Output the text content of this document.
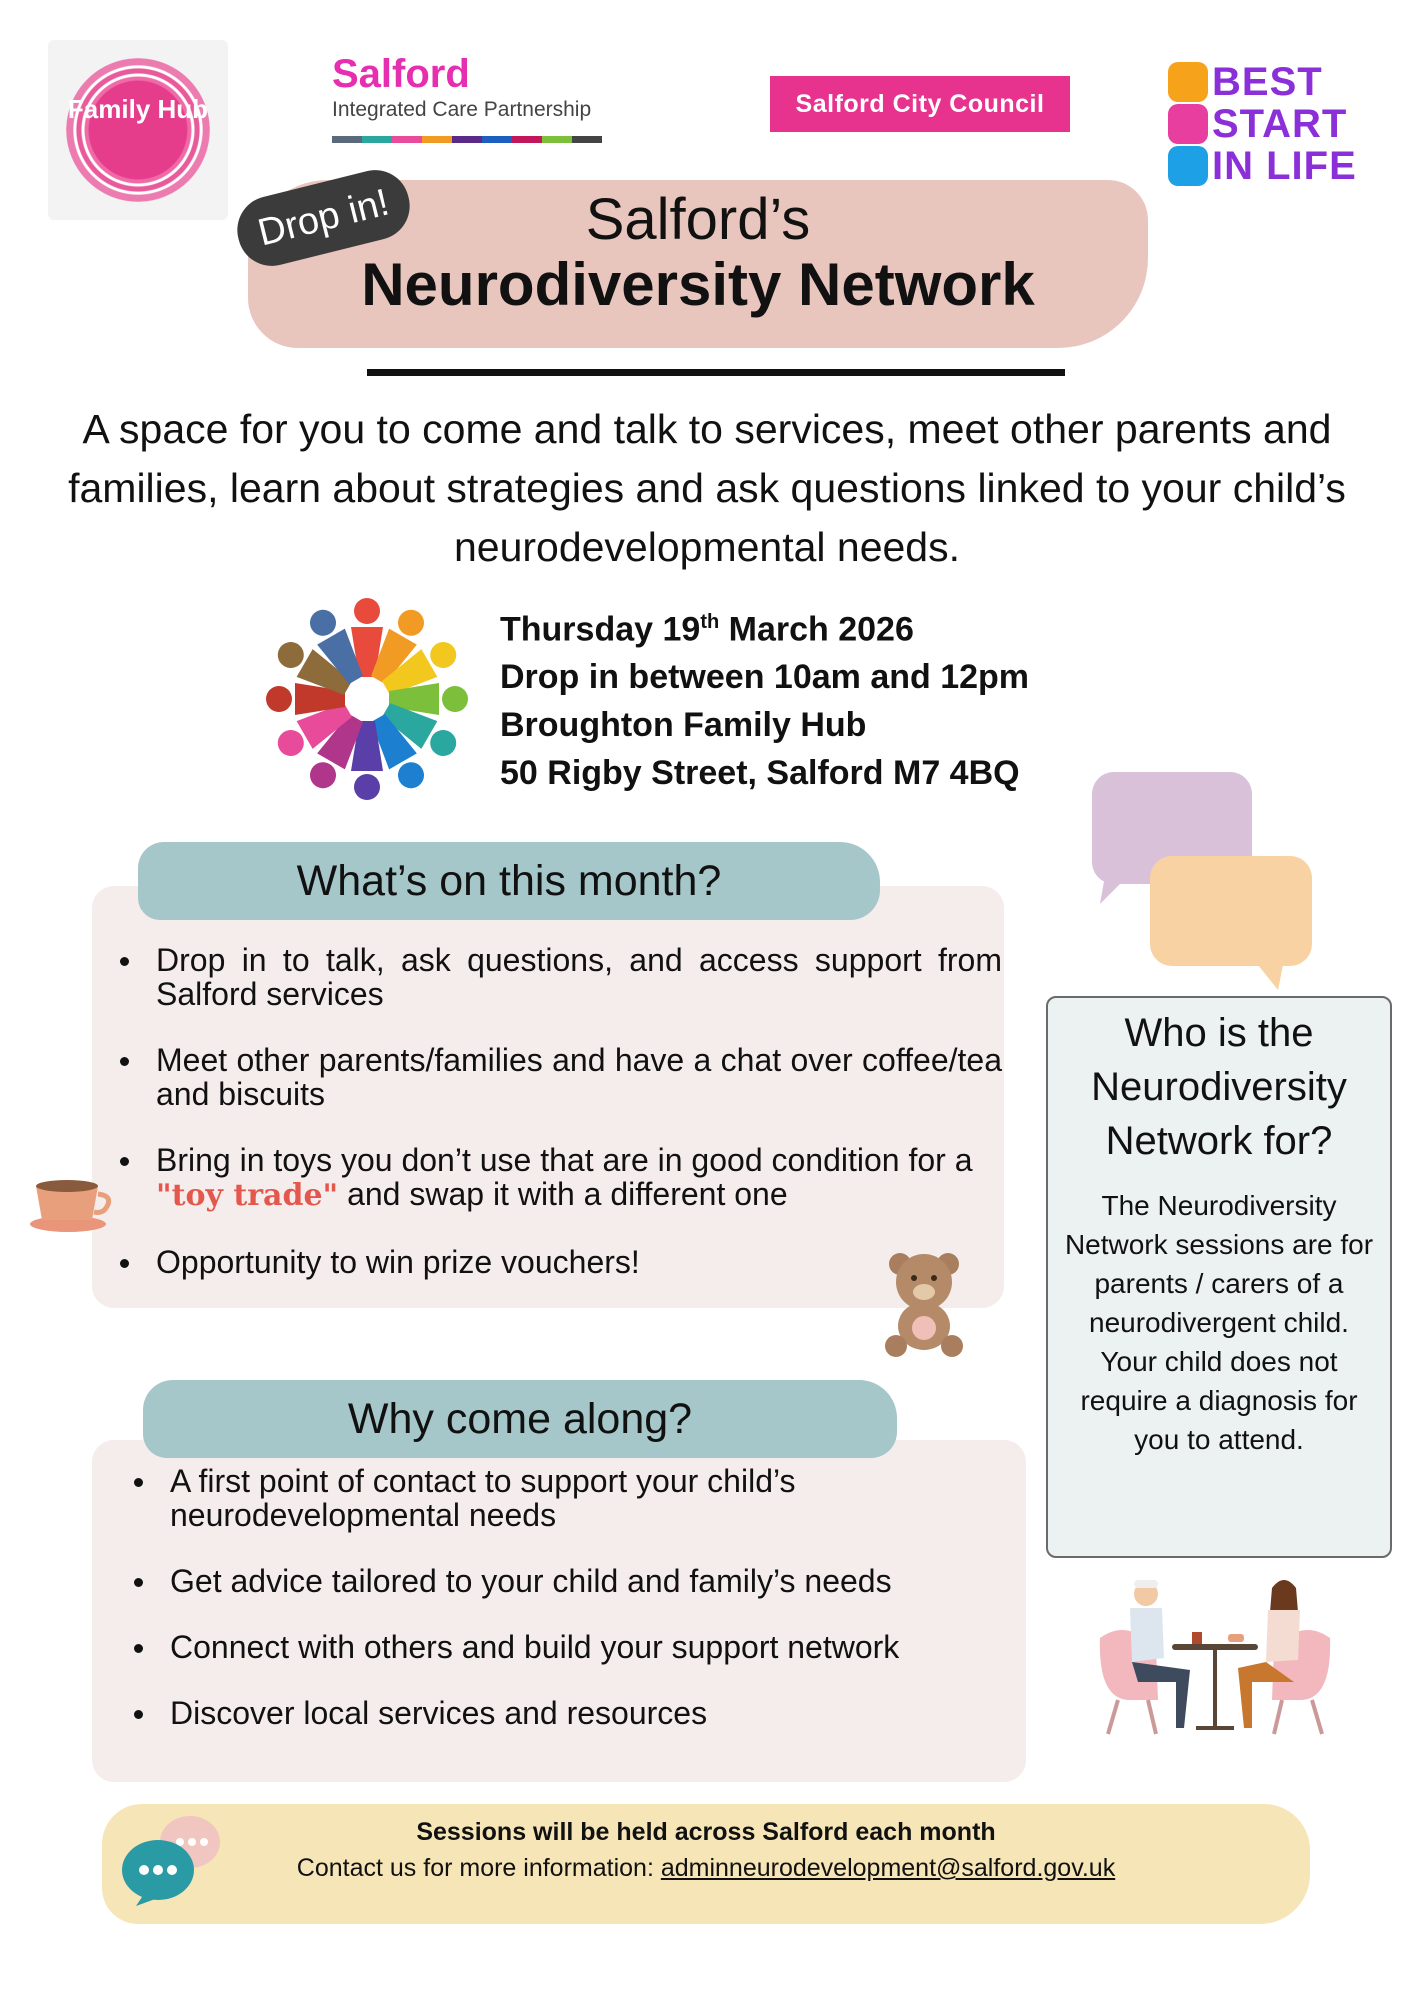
Family Hub
Salford
Integrated Care Partnership	Salford City Council	BEST
START
IN LIFE
Salford’s
Neurodiversity Network
Drop in!
A space for you to come and talk to services, meet other parents and families, learn about strategies and ask questions linked to your child’s neurodevelopmental needs.
Thursday 19th March 2026
Drop in between 10am and 12pm
Broughton Family Hub
50 Rigby Street, Salford M7 4BQ
What’s on this month?
Drop in to talk, ask questions, and access support from Salford services
Meet other parents/families and have a chat over coffee/tea and biscuits
Bring in toys you don’t use that are in good condition for a "toy trade" and swap it with a different one
Opportunity to win prize vouchers!
Who is the Neurodiversity Network for?
The Neurodiversity Network sessions are for parents / carers of a neurodivergent child. Your child does not require a diagnosis for you to attend.
Why come along?
A first point of contact to support your child’s neurodevelopmental needs
Get advice tailored to your child and family’s needs
Connect with others and build your support network
Discover local services and resources
Sessions will be held across Salford each month
Contact us for more information: adminneurodevelopment@salford.gov.uk
